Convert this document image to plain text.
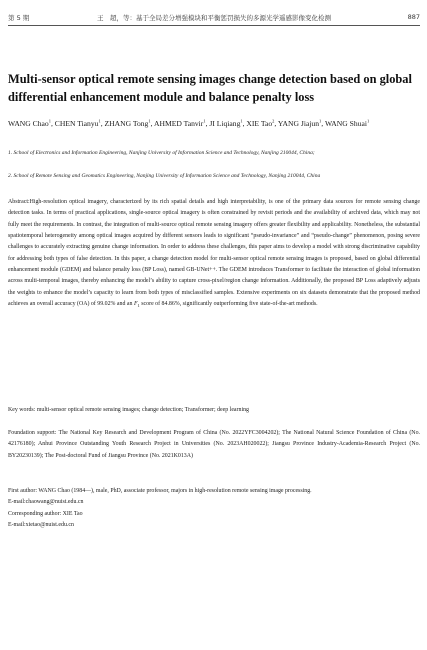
第 5 期	王　超，等：基于全局差分增强模块和平衡惩罚损失的多源光学遥感影像变化检测	887
Multi-sensor optical remote sensing images change detection based on global differential enhancement module and balance penalty loss
WANG Chao$^1$, CHEN Tianyu$^1$, ZHANG Tong$^1$, AHMED Tanvir$^1$, JI Liqiang$^1$, XIE Tao$^2$, YANG Jiajun$^1$, WANG Shuai$^1$
1. School of Electronics and Information Engineering, Nanjing University of Information Science and Technology, Nanjing 210044, China;
2. School of Remote Sensing and Geomatics Engineering, Nanjing University of Information Science and Technology, Nanjing 210044, China
Abstract:High-resolution optical imagery, characterized by its rich spatial details and high interpretability, is one of the primary data sources for remote sensing change detection tasks. In terms of practical applications, single-source optical imagery is often constrained by revisit periods and the availability of archived data, which may not fully meet the requirements. In contrast, the integration of multi-source optical remote sensing imagery offers greater flexibility and applicability. Nonetheless, the substantial spatiotemporal heterogeneity among optical images acquired by different sensors leads to significant “pseudo-invariance” and “pseudo-change” phenomenon, posing severe challenges to accurately extracting genuine change information. In order to address these challenges, this paper aims to develop a model with strong discriminative capability for addressing both types of false detection. In this paper, a change detection model for multi-sensor optical remote sensing images is proposed, based on global differential enhancement module (GDEM) and balance penalty loss (BP Loss), named GB-UNet++. The GDEM introduces Transformer to facilitate the interaction of global information across multi-temporal images, thereby enhancing the model’s ability to capture cross-pixel/region change information. Additionally, the proposed BP Loss adaptively adjusts the weights to enhance the model’s capacity to learn from both types of misclassified samples. Extensive experiments on six datasets demonstrate that the proposed method achieves an overall accuracy (OA) of 99.02% and an $F_1$ score of 84.86%, significantly outperforming five state-of-the-art methods.
Key words: multi-sensor optical remote sensing images; change detection; Transformer; deep learning
Foundation support: The National Key Research and Development Program of China (No. 2022YFC3004202); The National Natural Science Foundation of China (No. 42176180); Anhui Province Outstanding Youth Research Project in Universities (No. 2023AH020022); Jiangsu Province Industry-Academia-Research Project (No. BY20230139); The Post-doctoral Fund of Jiangsu Province (No. 2021K013A)
First author: WANG Chao (1984—), male, PhD, associate professor, majors in high-resolution remote sensing image processing.
E-mail:chaowang@nuist.edu.cn
Corresponding author: XIE Tao
E-mail:xietao@nuist.edu.cn
